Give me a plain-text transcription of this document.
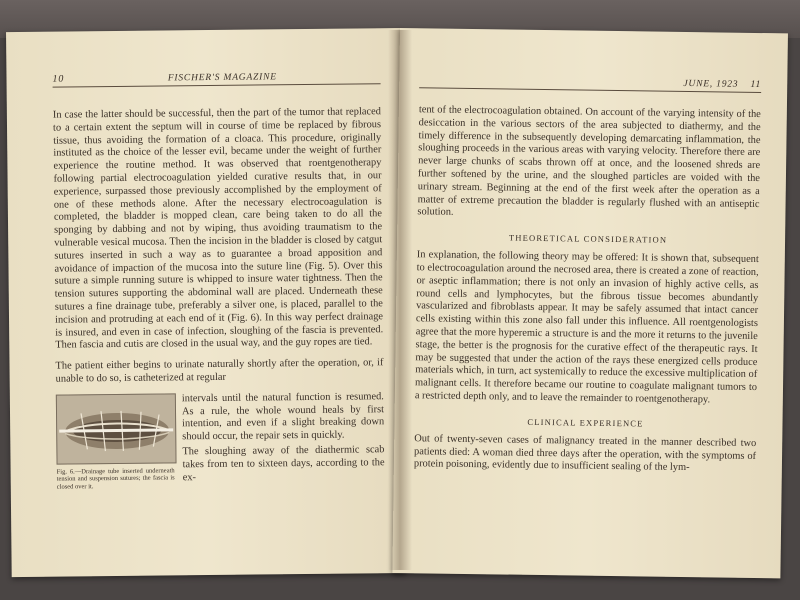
10	FISCHER'S MAGAZINE

In case the latter should be successful, then the part of the tumor that replaced to a certain extent the septum will in course of time be replaced by fibrous tissue, thus avoiding the formation of a cloaca. This procedure, originally instituted as the choice of the lesser evil, became under the weight of further experience the routine method. It was observed that roentgenotherapy following partial electrocoagulation yielded curative results that, in our experience, surpassed those previously accomplished by the employment of one of these methods alone. After the necessary electrocoagulation is completed, the bladder is mopped clean, care being taken to do all the sponging by dabbing and not by wiping, thus avoiding traumatism to the vulnerable vesical mucosa. Then the incision in the bladder is closed by catgut sutures inserted in such a way as to guarantee a broad apposition and avoidance of impaction of the mucosa into the suture line (Fig. 5). Over this suture a simple running suture is whipped to insure water tightness. Then the tension sutures supporting the abdominal wall are placed. Underneath these sutures a fine drainage tube, preferably a silver one, is placed, parallel to the incision and protruding at each end of it (Fig. 6). In this way perfect drainage is insured, and even in case of infection, sloughing of the fascia is prevented. Then fascia and cutis are closed in the usual way, and the guy ropes are tied.

The patient either begins to urinate naturally shortly after the operation, or, if unable to do so, is catheterized at regular

Fig. 6.—Drainage tube inserted underneath tension and suspension sutures; the fascia is closed over it.

intervals until the natural function is resumed. As a rule, the whole wound heals by first intention, and even if a slight breaking down should occur, the repair sets in quickly.

The sloughing away of the diathermic scab takes from ten to sixteen days, according to the ex-

JUNE, 1923	11

tent of the electrocoagulation obtained. On account of the varying intensity of the desiccation in the various sectors of the area subjected to diathermy, and the timely difference in the subsequently developing demarcating inflammation, the sloughing proceeds in the various areas with varying velocity. Therefore there are never large chunks of scabs thrown off at once, and the loosened shreds are further softened by the urine, and the sloughed particles are voided with the urinary stream. Beginning at the end of the first week after the operation as a matter of extreme precaution the bladder is regularly flushed with an antiseptic solution.

THEORETICAL CONSIDERATION

In explanation, the following theory may be offered: It is shown that, subsequent to electrocoagulation around the necrosed area, there is created a zone of reaction, or aseptic inflammation; there is not only an invasion of highly active cells, as round cells and lymphocytes, but the fibrous tissue becomes abundantly vascularized and fibroblasts appear. It may be safely assumed that intact cancer cells existing within this zone also fall under this influence. All roentgenologists agree that the more hyperemic a structure is and the more it returns to the juvenile stage, the better is the prognosis for the curative effect of the therapeutic rays. It may be suggested that under the action of the rays these energized cells produce materials which, in turn, act systemically to reduce the excessive multiplication of malignant cells. It therefore became our routine to coagulate malignant tumors to a restricted depth only, and to leave the remainder to roentgenotherapy.

CLINICAL EXPERIENCE

Out of twenty-seven cases of malignancy treated in the manner described two patients died: A woman died three days after the operation, with the symptoms of protein poisoning, evidently due to insufficient sealing of the lym-
